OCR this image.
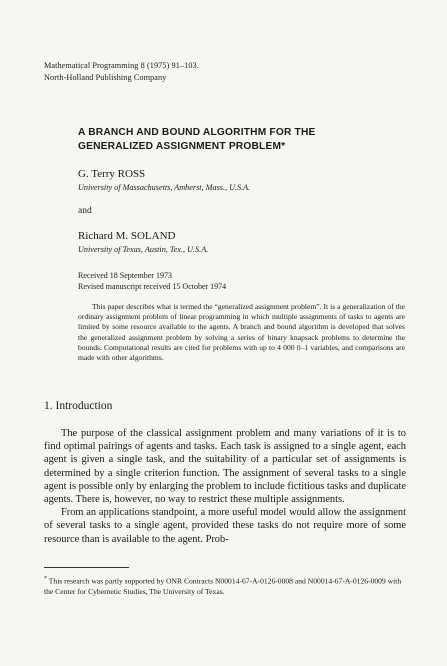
Mathematical Programming 8 (1975) 91–103.
North-Holland Publishing Company
A BRANCH AND BOUND ALGORITHM FOR THE
GENERALIZED ASSIGNMENT PROBLEM*
G. Terry ROSS
University of Massachusetts, Amherst, Mass., U.S.A.
and
Richard M. SOLAND
University of Texas, Austin, Tex., U.S.A.
Received 18 September 1973
Revised manuscript received 15 October 1974

This paper describes what is termed the “generalized assignment problem”. It is a generalization of the ordinary assignment problem of linear programming in which multiple assignments of tasks to agents are limited by some resource available to the agents. A branch and bound algorithm is developed that solves the generalized assignment problem by solving a series of binary knapsack problems to determine the bounds. Computational results are cited for problems with up to 4 000 0–1 variables, and comparisons are made with other algorithms.

1. Introduction

The purpose of the classical assignment problem and many variations of it is to find optimal pairings of agents and tasks. Each task is assigned to a single agent, each agent is given a single task, and the suitability of a particular set of assignments is determined by a single criterion function. The assignment of several tasks to a single agent is possible only by enlarging the problem to include fictitious tasks and duplicate agents. There is, however, no way to restrict these multiple assignments.

From an applications standpoint, a more useful model would allow the assignment of several tasks to a single agent, provided these tasks do not require more of some resource than is available to the agent. Prob-

* This research was partly supported by ONR Contracts N00014-67-A-0126-0008 and N00014-67-A-0126-0009 with the Center for Cybernetic Studies, The University of Texas.
